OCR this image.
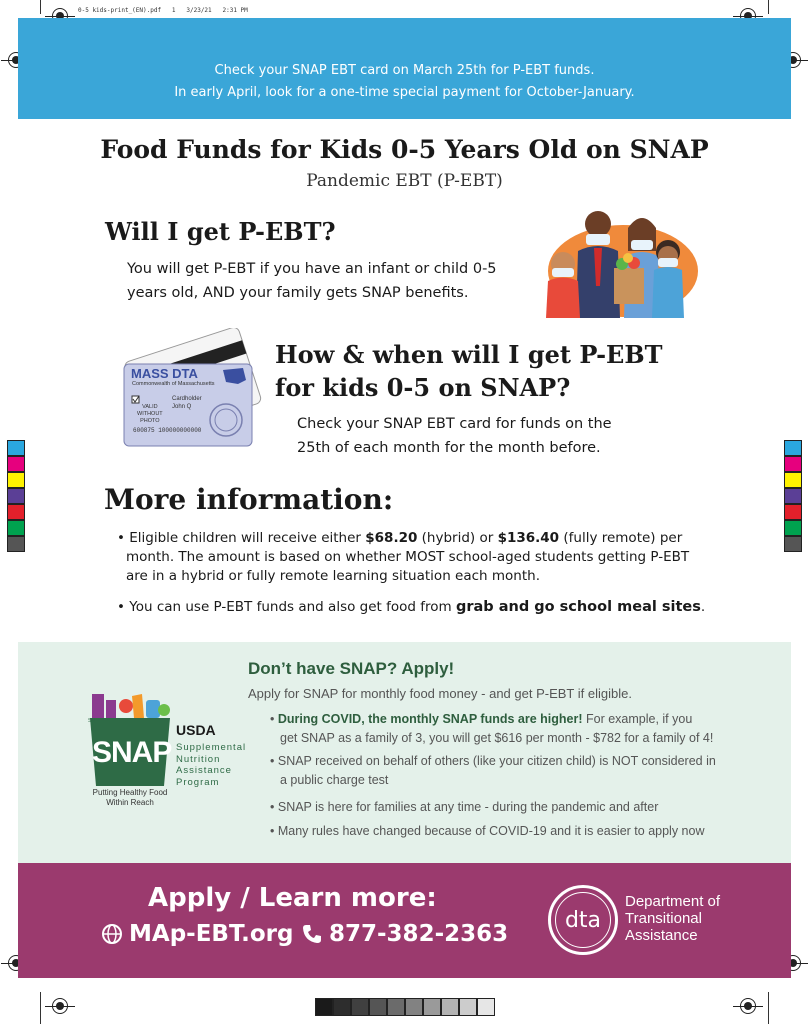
0-5 kids-print_(EN).pdf   1   3/23/21   2:31 PM
Check your SNAP EBT card on March 25th for P-EBT funds.
In early April, look for a one-time special payment for October-January.
Food Funds for Kids 0-5 Years Old on SNAP
Pandemic EBT (P-EBT)
Will I get P-EBT?
You will get P-EBT if you have an infant or child 0-5
years old, AND your family gets SNAP benefits.
MASS DTA
Commonwealth of Massachusetts
VALID
WITHOUT
PHOTO
Cardholder
John Q
600875 100000000000
How & when will I get P-EBT
for kids 0-5 on SNAP?
Check your SNAP EBT card for funds on the
25th of each month for the month before.
More information:
• Eligible children will receive either $68.20 (hybrid) or $136.40 (fully remote) per
month. The amount is based on whether MOST school-aged students getting P-EBT
are in a hybrid or fully remote learning situation each month.
• You can use P-EBT funds and also get food from grab and go school meal sites.
Don’t have SNAP? Apply!
Apply for SNAP for monthly food money - and get P-EBT if eligible.
• During COVID, the monthly SNAP funds are higher! For example, if you
get SNAP as a family of 3, you will get $616 per month - $782 for a family of 4!
• SNAP received on behalf of others (like your citizen child) is NOT considered in
a public charge test
• SNAP is here for families at any time - during the pandemic and after
• Many rules have changed because of COVID-19 and it is easier to apply now
SM
SNAP
USDA
Supplemental
Nutrition
Assistance
Program
Putting Healthy Food
Within Reach
Apply / Learn more:
MAp-EBT.org 877-382-2363
dta
Department of
Transitional
Assistance
